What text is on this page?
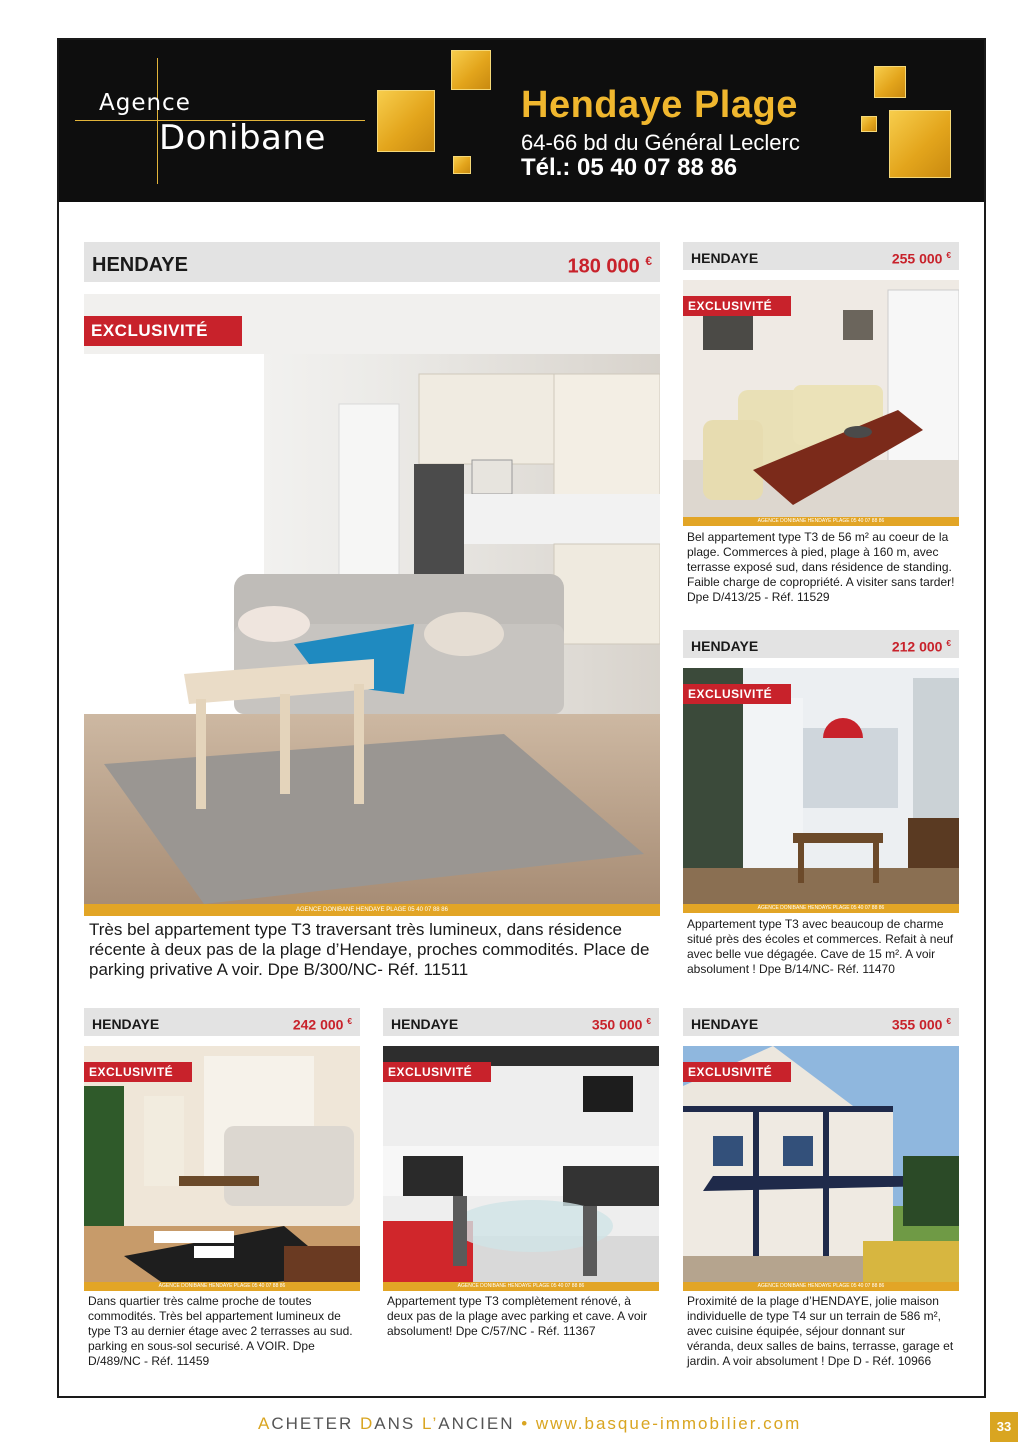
Agence
Donibane
Hendaye Plage
64-66 bd du Général Leclerc
Tél.: 05 40 07 88 86
HENDAYE	180 000 €
EXCLUSIVITÉ
AGENCE DONIBANE HENDAYE PLAGE 05 40 07 88 86
Très bel appartement type T3 traversant très lumineux, dans résidence récente à deux pas de la plage d’Hendaye, proches commodités. Place de parking privative A voir. Dpe B/300/NC- Réf. 11511
HENDAYE	255 000 €
EXCLUSIVITÉ
AGENCE DONIBANE HENDAYE PLAGE 05 40 07 88 86
Bel appartement type T3 de 56 m² au coeur de la plage. Commerces à pied, plage à 160 m, avec terrasse exposé sud, dans résidence de standing. Faible charge de copropriété. A visiter sans tarder! Dpe D/413/25 - Réf. 11529
HENDAYE	212 000 €
EXCLUSIVITÉ
AGENCE DONIBANE HENDAYE PLAGE 05 40 07 88 86
Appartement type T3 avec beaucoup de charme situé près des écoles et commerces. Refait à neuf avec belle vue dégagée. Cave de 15 m². A voir absolument ! Dpe B/14/NC- Réf. 11470
HENDAYE	242 000 €
EXCLUSIVITÉ
AGENCE DONIBANE HENDAYE PLAGE 05 40 07 88 86
Dans quartier très calme proche de toutes commodités. Très bel appartement lumineux de type T3 au dernier étage avec 2 terrasses au sud. parking en sous-sol securisé. A VOIR. Dpe D/489/NC - Réf. 11459
HENDAYE	350 000 €
EXCLUSIVITÉ
AGENCE DONIBANE HENDAYE PLAGE 05 40 07 88 86
Appartement type T3 complètement rénové, à deux pas de la plage avec parking et cave. A voir absolument! Dpe C/57/NC - Réf. 11367
HENDAYE	355 000 €
EXCLUSIVITÉ
AGENCE DONIBANE HENDAYE PLAGE 05 40 07 88 86
Proximité de la plage d’HENDAYE, jolie maison individuelle de type T4 sur un terrain de 586 m², avec cuisine équipée, séjour donnant sur véranda, deux salles de bains, terrasse, garage et jardin. A voir absolument ! Dpe D - Réf. 10966
ACHETER DANS L’ANCIEN • www.basque-immobilier.com	33
